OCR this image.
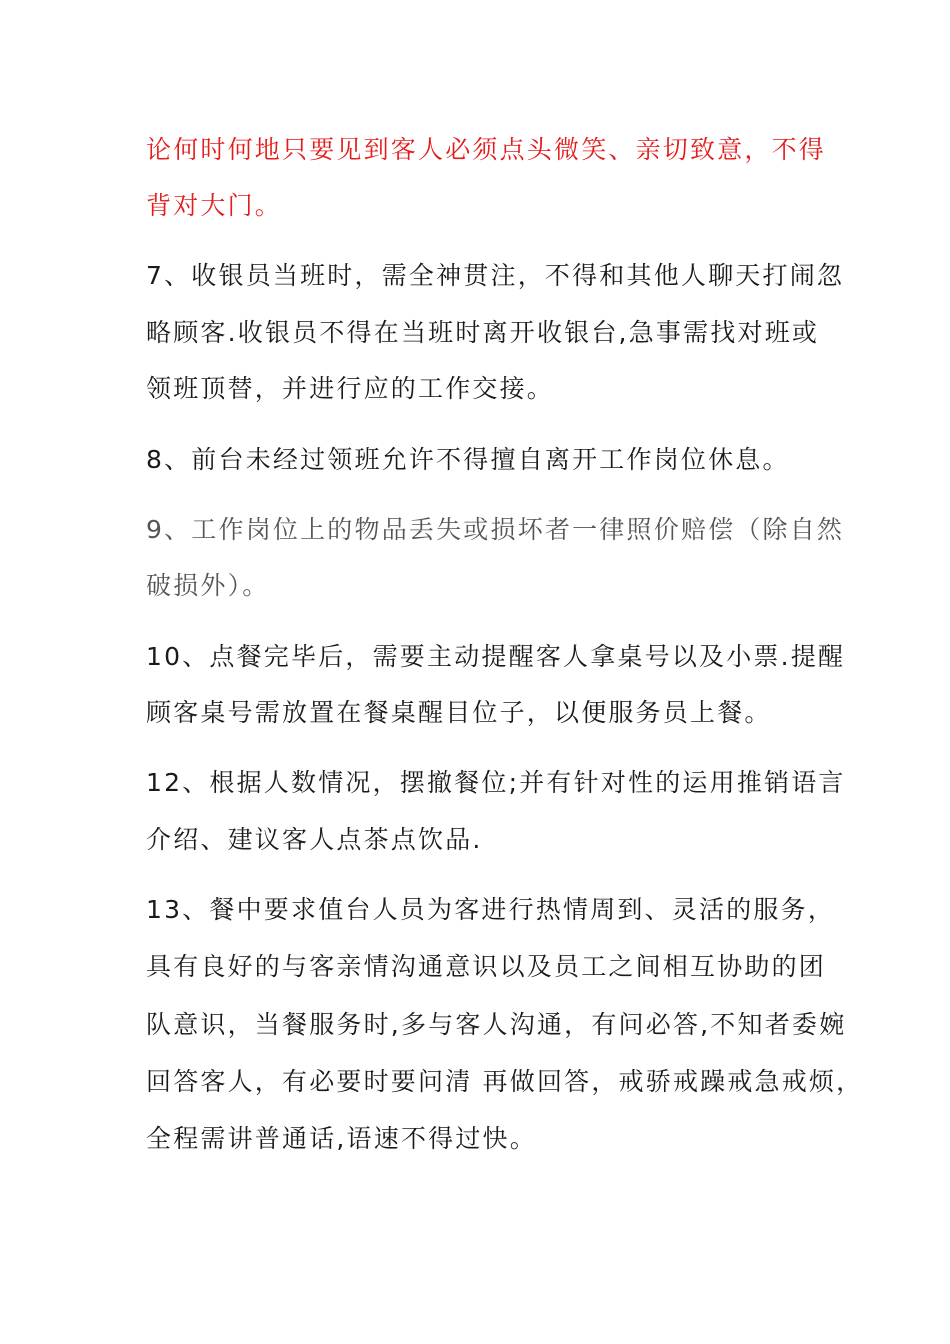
论何时何地只要见到客人必须点头微笑、亲切致意，不得
背对大门。
7、收银员当班时，需全神贯注，不得和其他人聊天打闹忽
略顾客.收银员不得在当班时离开收银台,急事需找对班或
领班顶替，并进行应的工作交接。
8、前台未经过领班允许不得擅自离开工作岗位休息。
9、工作岗位上的物品丢失或损坏者一律照价赔偿（除自然
破损外）。
10、点餐完毕后，需要主动提醒客人拿桌号以及小票.提醒
顾客桌号需放置在餐桌醒目位子，以便服务员上餐。
12、根据人数情况，摆撤餐位;并有针对性的运用推销语言
介绍、建议客人点茶点饮品.
13、餐中要求值台人员为客进行热情周到、灵活的服务，
具有良好的与客亲情沟通意识以及员工之间相互协助的团
队意识，当餐服务时,多与客人沟通，有问必答,不知者委婉
回答客人，有必要时要问清 再做回答，戒骄戒躁戒急戒烦，
全程需讲普通话,语速不得过快。
